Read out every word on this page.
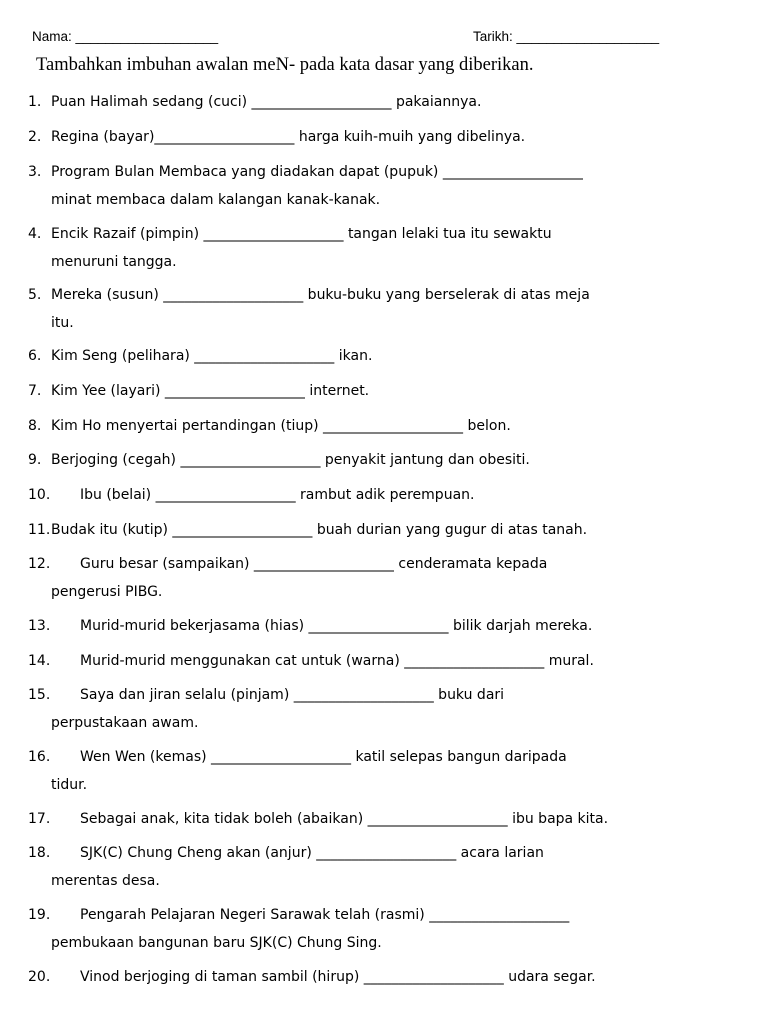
Nama: ___________________	Tarikh: ___________________
Tambahkan imbuhan awalan meN- pada kata dasar yang diberikan.
1. Puan Halimah sedang (cuci) ____________________ pakaiannya.
2. Regina (bayar)____________________ harga kuih-muih yang dibelinya.
3. Program Bulan Membaca yang diadakan dapat (pupuk) ____________________
minat membaca dalam kalangan kanak-kanak.
4. Encik Razaif (pimpin) ____________________ tangan lelaki tua itu sewaktu
menuruni tangga.
5. Mereka (susun) ____________________ buku-buku yang berselerak di atas meja
itu.
6. Kim Seng (pelihara) ____________________ ikan.
7. Kim Yee (layari) ____________________ internet.
8. Kim Ho menyertai pertandingan (tiup) ____________________ belon.
9. Berjoging (cegah) ____________________ penyakit jantung dan obesiti.
10. Ibu (belai) ____________________ rambut adik perempuan.
11. Budak itu (kutip) ____________________ buah durian yang gugur di atas tanah.
12. Guru besar (sampaikan) ____________________ cenderamata kepada
pengerusi PIBG.
13. Murid-murid bekerjasama (hias) ____________________ bilik darjah mereka.
14. Murid-murid menggunakan cat untuk (warna) ____________________ mural.
15. Saya dan jiran selalu (pinjam) ____________________ buku dari
perpustakaan awam.
16. Wen Wen (kemas) ____________________ katil selepas bangun daripada
tidur.
17. Sebagai anak, kita tidak boleh (abaikan) ____________________ ibu bapa kita.
18. SJK(C) Chung Cheng akan (anjur) ____________________ acara larian
merentas desa.
19. Pengarah Pelajaran Negeri Sarawak telah (rasmi) ____________________
pembukaan bangunan baru SJK(C) Chung Sing.
20. Vinod berjoging di taman sambil (hirup) ____________________ udara segar.
